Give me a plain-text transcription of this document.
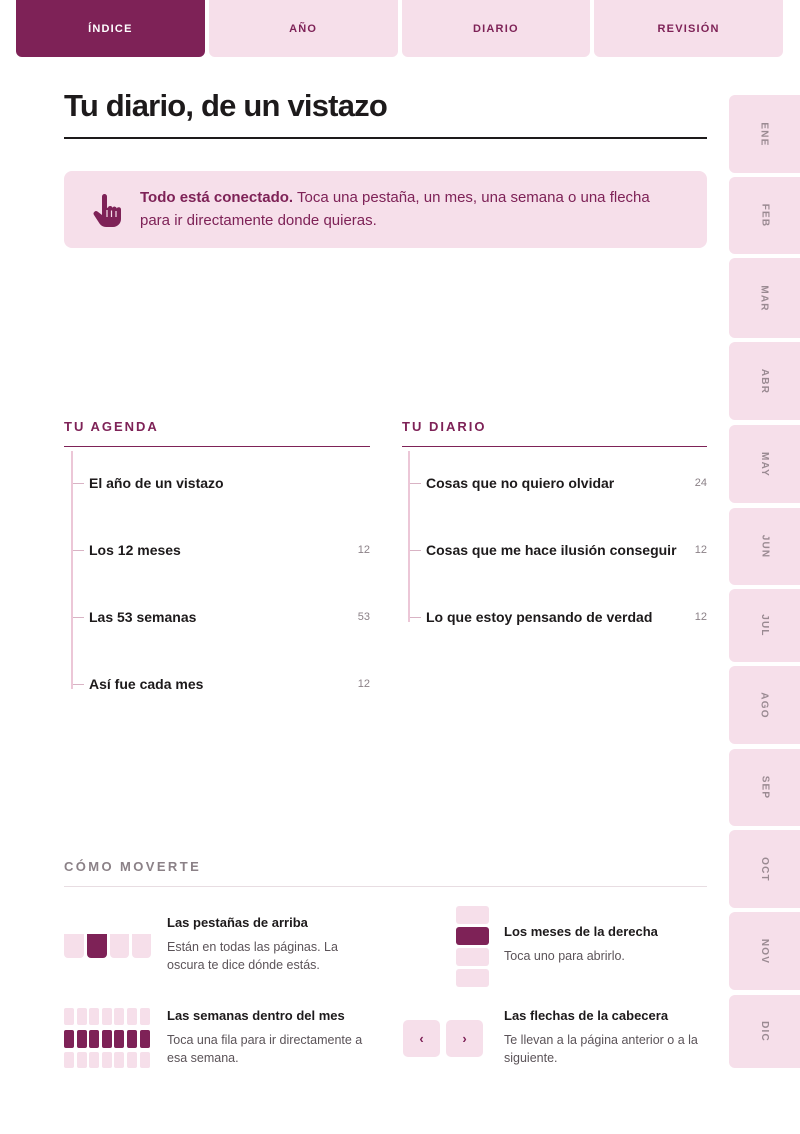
ÍNDICE	AÑO	DIARIO	REVISIÓN
ENE
FEB
MAR
ABR
MAY
JUN
JUL
AGO
SEP
OCT
NOV
DIC
Tu diario, de un vistazo
Todo está conectado. Toca una pestaña, un mes, una semana o una flecha para ir directamente donde quieras.
TU AGENDA
El año de un vistazo
Los 12 meses	12
Las 53 semanas	53
Así fue cada mes	12
TU DIARIO
Cosas que no quiero olvidar	24
Cosas que me hace ilusión conseguir	12
Lo que estoy pensando de verdad	12
CÓMO MOVERTE
Las pestañas de arriba
Están en todas las páginas. La oscura te dice dónde estás.
Los meses de la derecha
Toca uno para abrirlo.
Las semanas dentro del mes
Toca una fila para ir directamente a esa semana.
‹	›
Las flechas de la cabecera
Te llevan a la página anterior o a la siguiente.
